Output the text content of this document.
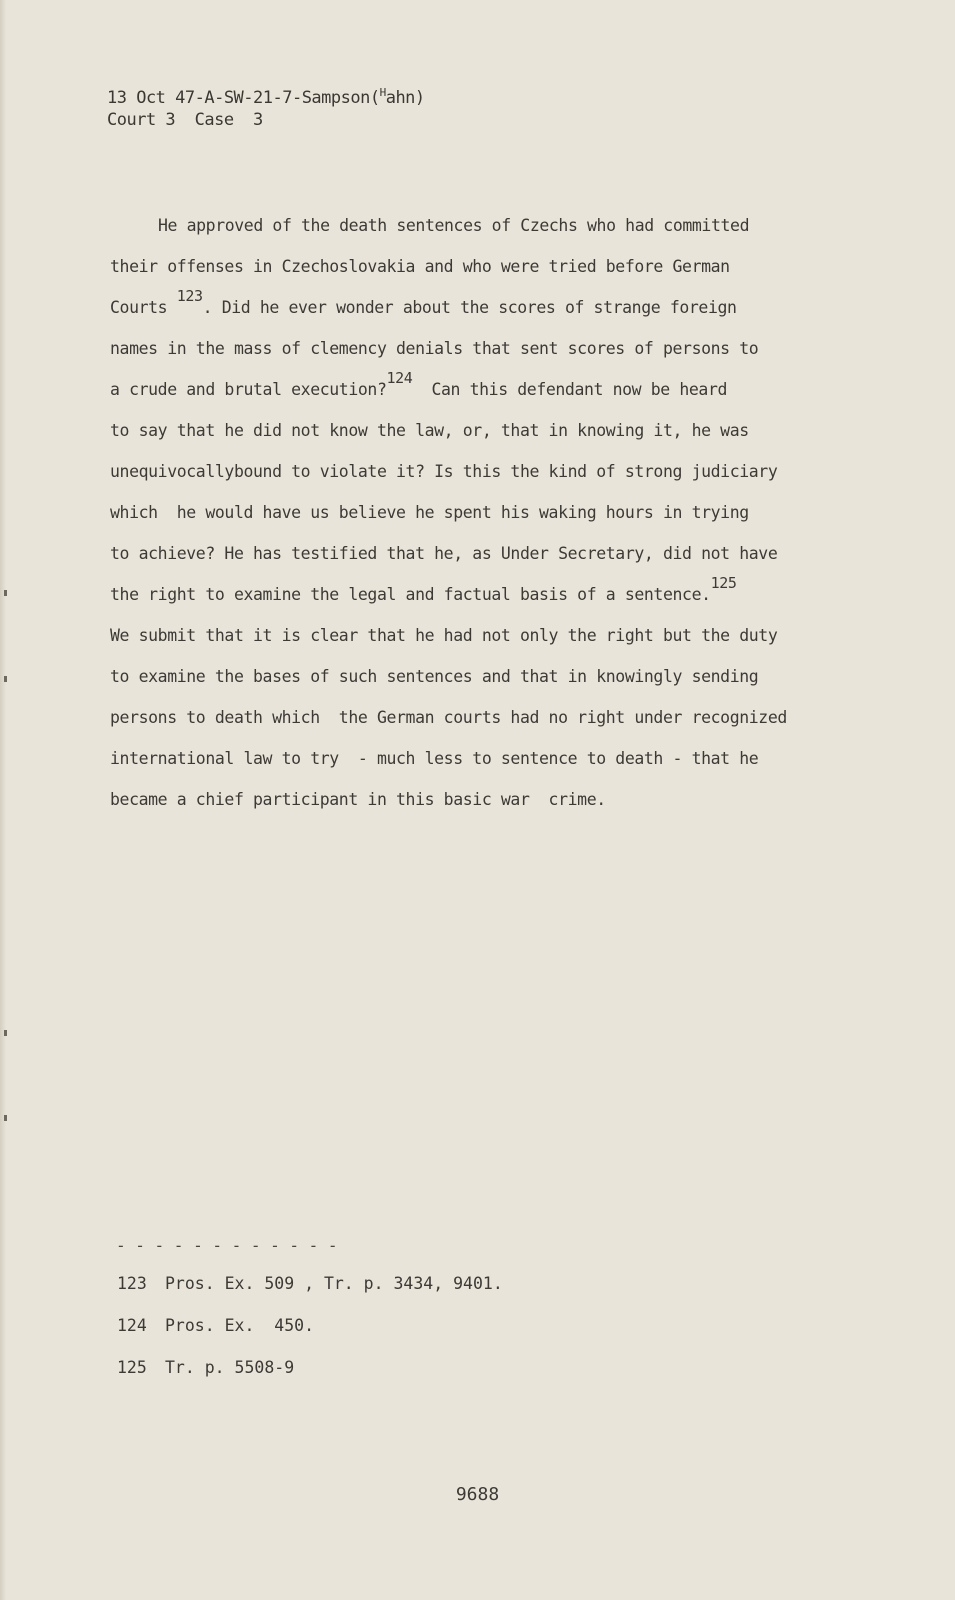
13 Oct 47-A-SW-21-7-Sampson($^H$ahn)
Court 3  Case  3
He approved of the death sentences of Czechs who had committed
their offenses in Czechoslovakia and who were tried before German
Courts $^{123}$. Did he ever wonder about the scores of strange foreign
names in the mass of clemency denials that sent scores of persons to
a crude and brutal execution?$^{124}$  Can this defendant now be heard
to say that he did not know the law, or, that in knowing it, he was
unequivocallybound to violate it? Is this the kind of strong judiciary
which  he would have us believe he spent his waking hours in trying
to achieve? He has testified that he, as Under Secretary, did not have
the right to examine the legal and factual basis of a sentence.$^{125}$
We submit that it is clear that he had not only the right but the duty
to examine the bases of such sentences and that in knowingly sending
persons to death which  the German courts had no right under recognized
international law to try  - much less to sentence to death - that he
became a chief participant in this basic war  crime.
- - - - - - - - - - - -
123 Pros. Ex. 509 , Tr. p. 3434, 9401.
124 Pros. Ex.  450.
125 Tr. p. 5508-9
9688
